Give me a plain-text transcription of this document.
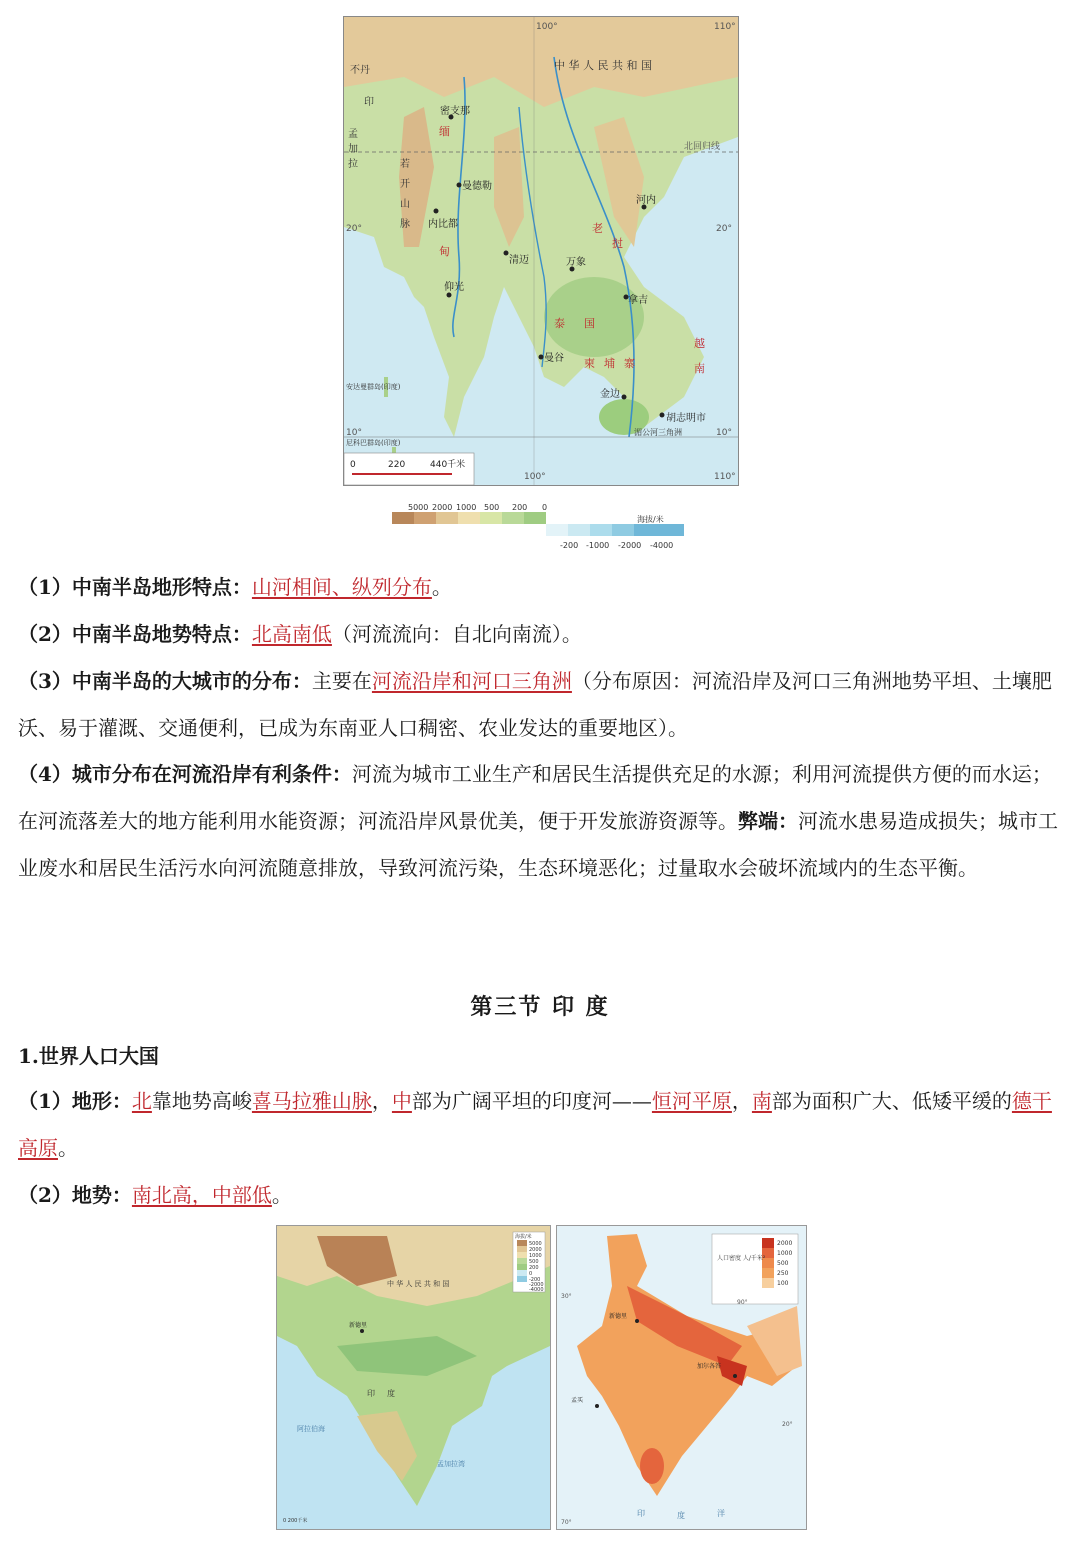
中 华 人 民 共 和 国
缅
甸
泰 国
柬 埔 寨
越
南
老
挝
不丹
孟
加
拉
印
密支那
曼德勒
内比都
仰光
清迈	万象
拿吉
曼谷
金边
胡志明市
河内
若
开
山
脉
北回归线
湄公河三角洲
安达曼群岛(印度)
尼科巴群岛(印度)
100°
20°	20°
10°	10°
100°
110°
110°
0	220	440千米
5000 2000 1000 500 200 0
-200 -1000 -2000 -4000
海拔/米
（1）中南半岛地形特点：山河相间、纵列分布。
（2）中南半岛地势特点：北高南低（河流流向：自北向南流）。
（3）中南半岛的大城市的分布：主要在河流沿岸和河口三角洲（分布原因：河流沿岸及河口三角洲地势平坦、土壤肥沃、易于灌溉、交通便利，已成为东南亚人口稠密、农业发达的重要地区）。
（4）城市分布在河流沿岸有利条件：河流为城市工业生产和居民生活提供充足的水源；利用河流提供方便的而水运；在河流落差大的地方能利用水能资源；河流沿岸风景优美，便于开发旅游资源等。弊端：河流水患易造成损失；城市工业废水和居民生活污水向河流随意排放，导致河流污染，生态环境恶化；过量取水会破坏流域内的生态平衡。
第三节 印 度
1.世界人口大国
（1）地形：北靠地势高峻喜马拉雅山脉，中部为广阔平坦的印度河——恒河平原，南部为面积广大、低矮平缓的德干高原。
（2）地势：南北高，中部低。
海拔/米
5000
2000
1000
500
200
0
-200
-2000
-4000
中 华 人 民 共 和 国
新德里
印 度
孟加拉湾
阿拉伯海
0 200千米
人口密度 人/千米²
2000
1000
500
250
100
新德里
加尔各答
孟买
印	度	洋
30°
90°
70°
20°
